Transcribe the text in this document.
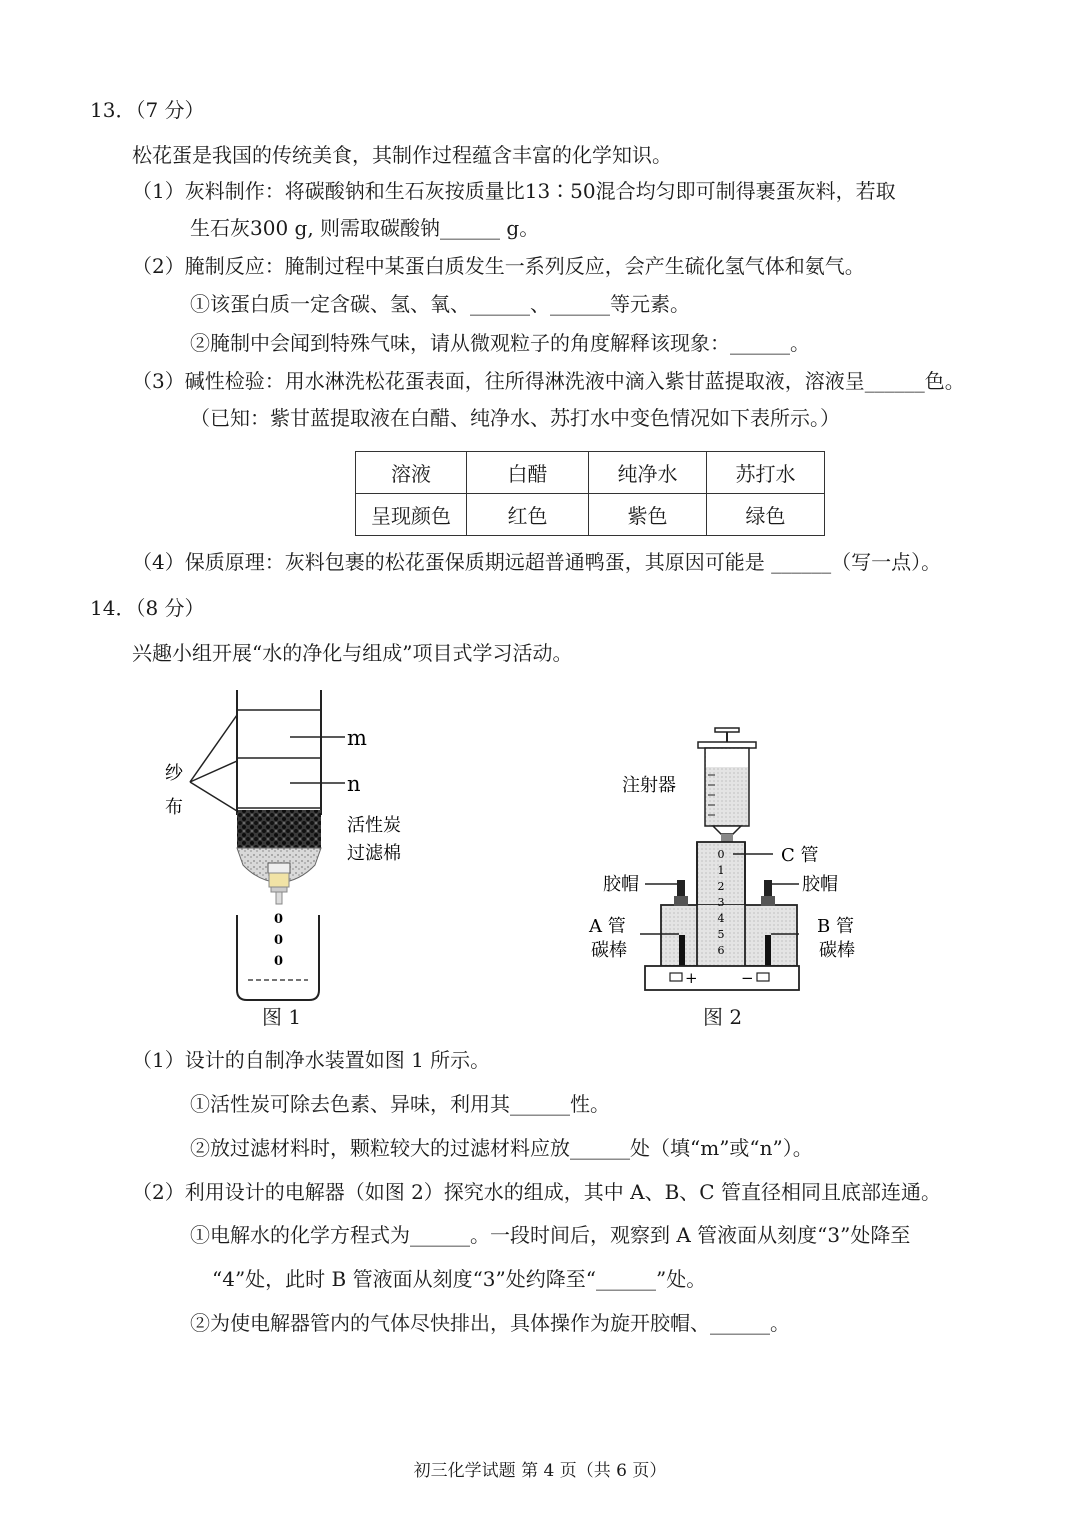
13．（7 分）
松花蛋是我国的传统美食，其制作过程蕴含丰富的化学知识。
（1）灰料制作：将碳酸钠和生石灰按质量比13∶50混合均匀即可制得裹蛋灰料，若取
生石灰300 g, 则需取碳酸钠______ g。
（2）腌制反应：腌制过程中某蛋白质发生一系列反应，会产生硫化氢气体和氨气。
①该蛋白质一定含碳、氢、氧、______、______等元素。
②腌制中会闻到特殊气味，请从微观粒子的角度解释该现象：______。
（3）碱性检验：用水淋洗松花蛋表面，往所得淋洗液中滴入紫甘蓝提取液，溶液呈______色。
（已知：紫甘蓝提取液在白醋、纯净水、苏打水中变色情况如下表所示。）
溶液	白醋	纯净水	苏打水
呈现颜色	红色	紫色	绿色
（4）保质原理：灰料包裹的松花蛋保质期远超普通鸭蛋，其原因可能是 ______（写一点）。
14．（8 分）
兴趣小组开展“水的净化与组成”项目式学习活动。
m
n
纱
布
活性炭
过滤棉
0
0
0
图 1
0
1
2
3
4
5
6
注射器
C 管
胶帽	胶帽
A 管	B 管
碳棒	碳棒
+	−
图 2
（1）设计的自制净水装置如图 1 所示。
①活性炭可除去色素、异味，利用其______性。
②放过滤材料时，颗粒较大的过滤材料应放______处（填“m”或“n”）。
（2）利用设计的电解器（如图 2）探究水的组成，其中 A、B、C 管直径相同且底部连通。
①电解水的化学方程式为______。一段时间后，观察到 A 管液面从刻度“3”处降至
“4”处，此时 B 管液面从刻度“3”处约降至“______”处。
②为使电解器管内的气体尽快排出，具体操作为旋开胶帽、______。
初三化学试题 第 4 页（共 6 页）
